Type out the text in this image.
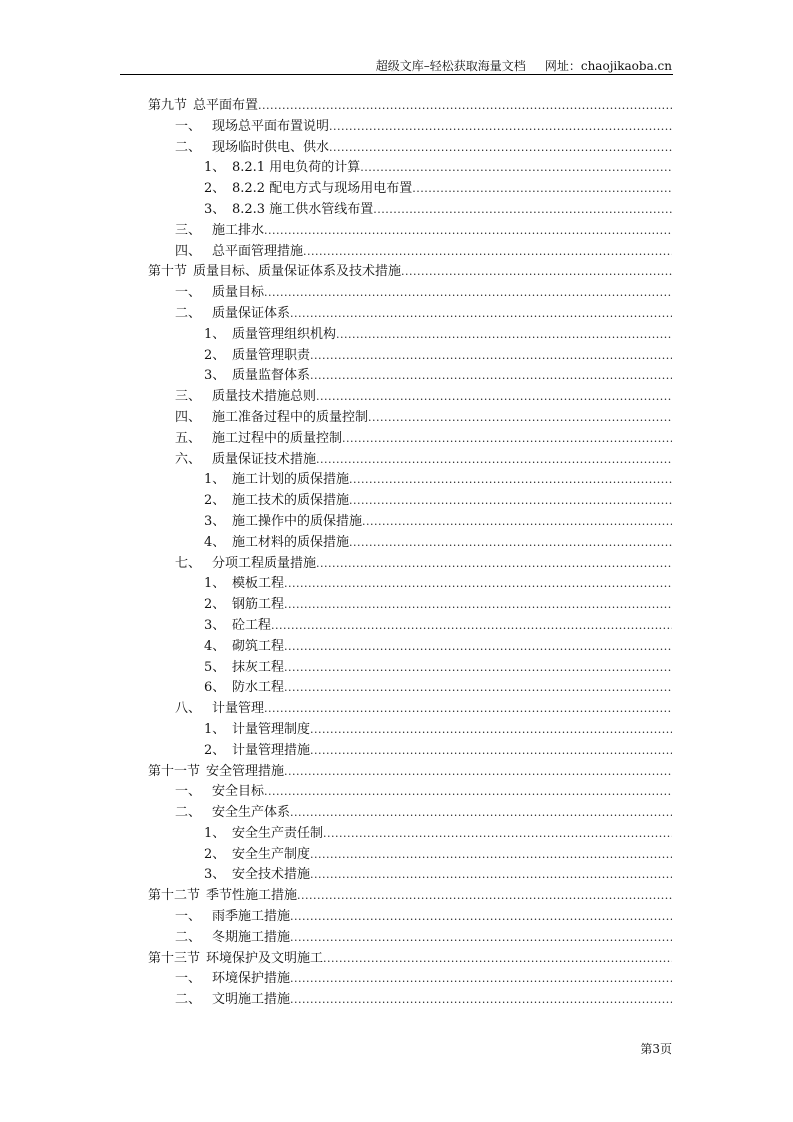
超级文库–轻松获取海量文档 网址：chaojikaoba.cn
第九节 总平面布置
.....
一、 现场总平面布置说明
.....
二、 现场临时供电、供水
.....
1、 8.2.1 用电负荷的计算
.....
2、 8.2.2 配电方式与现场用电布置
.....
3、 8.2.3 施工供水管线布置
.....
三、 施工排水
.....
四、 总平面管理措施
.....
第十节 质量目标、质量保证体系及技术措施
.....
一、 质量目标
.....
二、 质量保证体系
.....
1、 质量管理组织机构
.....
2、 质量管理职责
.....
3、 质量监督体系
.....
三、 质量技术措施总则
.....
四、 施工准备过程中的质量控制
.....
五、 施工过程中的质量控制
.....
六、 质量保证技术措施
.....
1、 施工计划的质保措施
.....
2、 施工技术的质保措施
.....
3、 施工操作中的质保措施
.....
4、 施工材料的质保措施
.....
七、 分项工程质量措施
.....
1、 模板工程
.....
2、 钢筋工程
.....
3、 砼工程
.....
4、 砌筑工程
.....
5、 抹灰工程
.....
6、 防水工程
.....
八、 计量管理
.....
1、 计量管理制度
.....
2、 计量管理措施
.....
第十一节 安全管理措施
.....
一、 安全目标
.....
二、 安全生产体系
.....
1、 安全生产责任制
.....
2、 安全生产制度
.....
3、 安全技术措施
.....
第十二节 季节性施工措施
.....
一、 雨季施工措施
.....
二、 冬期施工措施
.....
第十三节 环境保护及文明施工
.....
一、 环境保护措施
.....
二、 文明施工措施
.....
第3页
